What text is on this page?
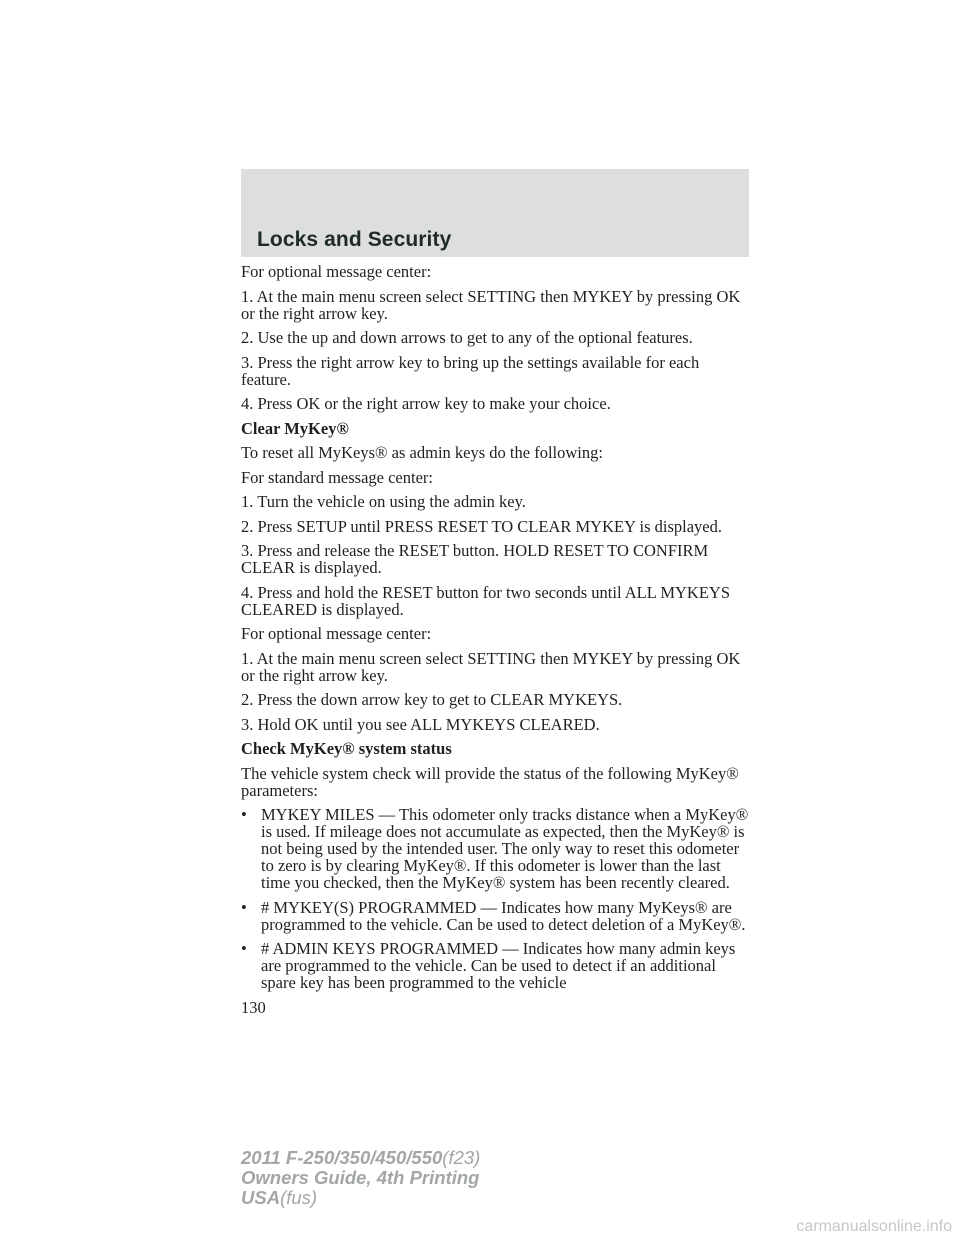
Locks and Security

For optional message center:

1. At the main menu screen select SETTING then MYKEY by pressing OK or the right arrow key.

2. Use the up and down arrows to get to any of the optional features.

3. Press the right arrow key to bring up the settings available for each feature.

4. Press OK or the right arrow key to make your choice.

Clear MyKey®

To reset all MyKeys® as admin keys do the following:

For standard message center:

1. Turn the vehicle on using the admin key.

2. Press SETUP until PRESS RESET TO CLEAR MYKEY is displayed.

3. Press and release the RESET button. HOLD RESET TO CONFIRM CLEAR is displayed.

4. Press and hold the RESET button for two seconds until ALL MYKEYS CLEARED is displayed.

For optional message center:

1. At the main menu screen select SETTING then MYKEY by pressing OK or the right arrow key.

2. Press the down arrow key to get to CLEAR MYKEYS.

3. Hold OK until you see ALL MYKEYS CLEARED.

Check MyKey® system status

The vehicle system check will provide the status of the following MyKey® parameters:

• MYKEY MILES — This odometer only tracks distance when a MyKey® is used. If mileage does not accumulate as expected, then the MyKey® is not being used by the intended user. The only way to reset this odometer to zero is by clearing MyKey®. If this odometer is lower than the last time you checked, then the MyKey® system has been recently cleared.

• # MYKEY(S) PROGRAMMED — Indicates how many MyKeys® are programmed to the vehicle. Can be used to detect deletion of a MyKey®.

• # ADMIN KEYS PROGRAMMED — Indicates how many admin keys are programmed to the vehicle. Can be used to detect if an additional spare key has been programmed to the vehicle

130
2011 F-250/350/450/550(f23)
Owners Guide, 4th Printing
USA(fus)
carmanualsonline.info
